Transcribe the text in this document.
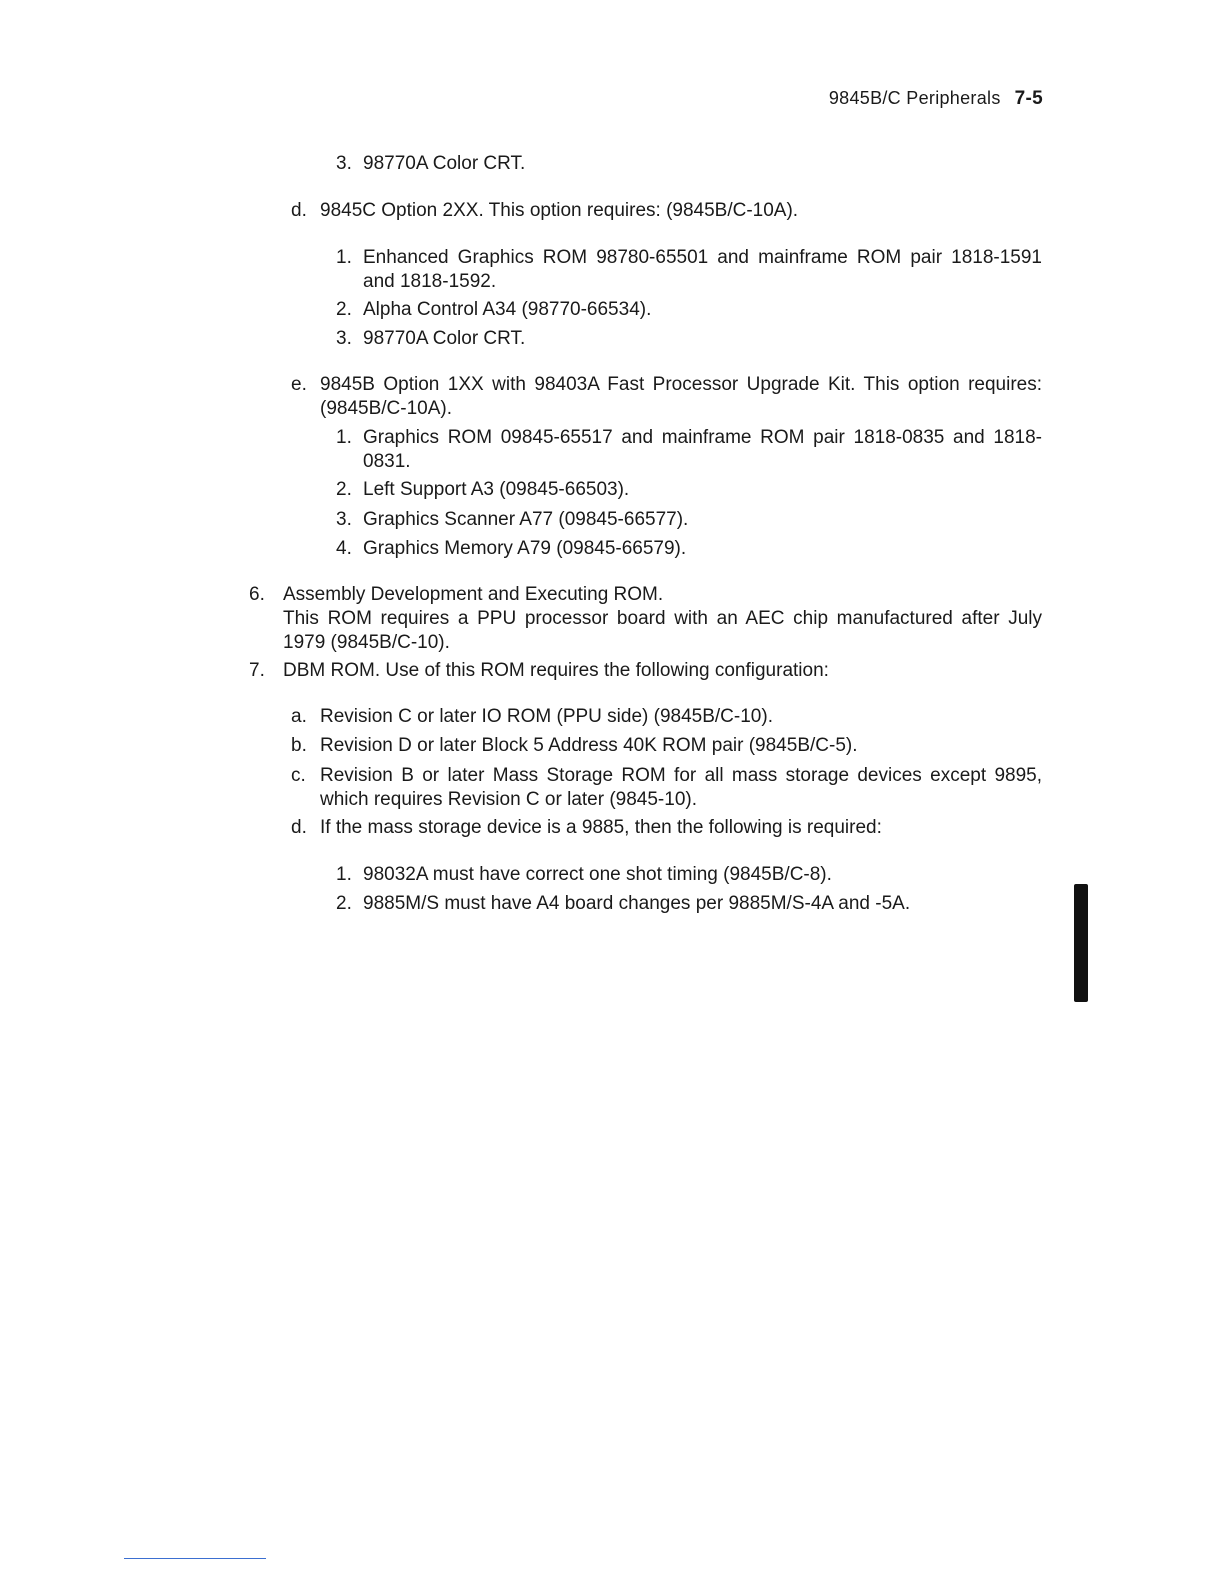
9845B/C Peripherals 7-5
3. 98770A Color CRT.
d. 9845C Option 2XX. This option requires: (9845B/C-10A).
1. Enhanced Graphics ROM 98780-65501 and mainframe ROM pair 1818-1591 and 1818-1592.
2. Alpha Control A34 (98770-66534).
3. 98770A Color CRT.
e. 9845B Option 1XX with 98403A Fast Processor Upgrade Kit. This option requires: (9845B/C-10A).
1. Graphics ROM 09845-65517 and mainframe ROM pair 1818-0835 and 1818-0831.
2. Left Support A3 (09845-66503).
3. Graphics Scanner A77 (09845-66577).
4. Graphics Memory A79 (09845-66579).
6. Assembly Development and Executing ROM.
This ROM requires a PPU processor board with an AEC chip manufactured after July 1979 (9845B/C-10).
7. DBM ROM. Use of this ROM requires the following configuration:
a. Revision C or later IO ROM (PPU side) (9845B/C-10).
b. Revision D or later Block 5 Address 40K ROM pair (9845B/C-5).
c. Revision B or later Mass Storage ROM for all mass storage devices except 9895, which requires Revision C or later (9845-10).
d. If the mass storage device is a 9885, then the following is required:
1. 98032A must have correct one shot timing (9845B/C-8).
2. 9885M/S must have A4 board changes per 9885M/S-4A and -5A.
